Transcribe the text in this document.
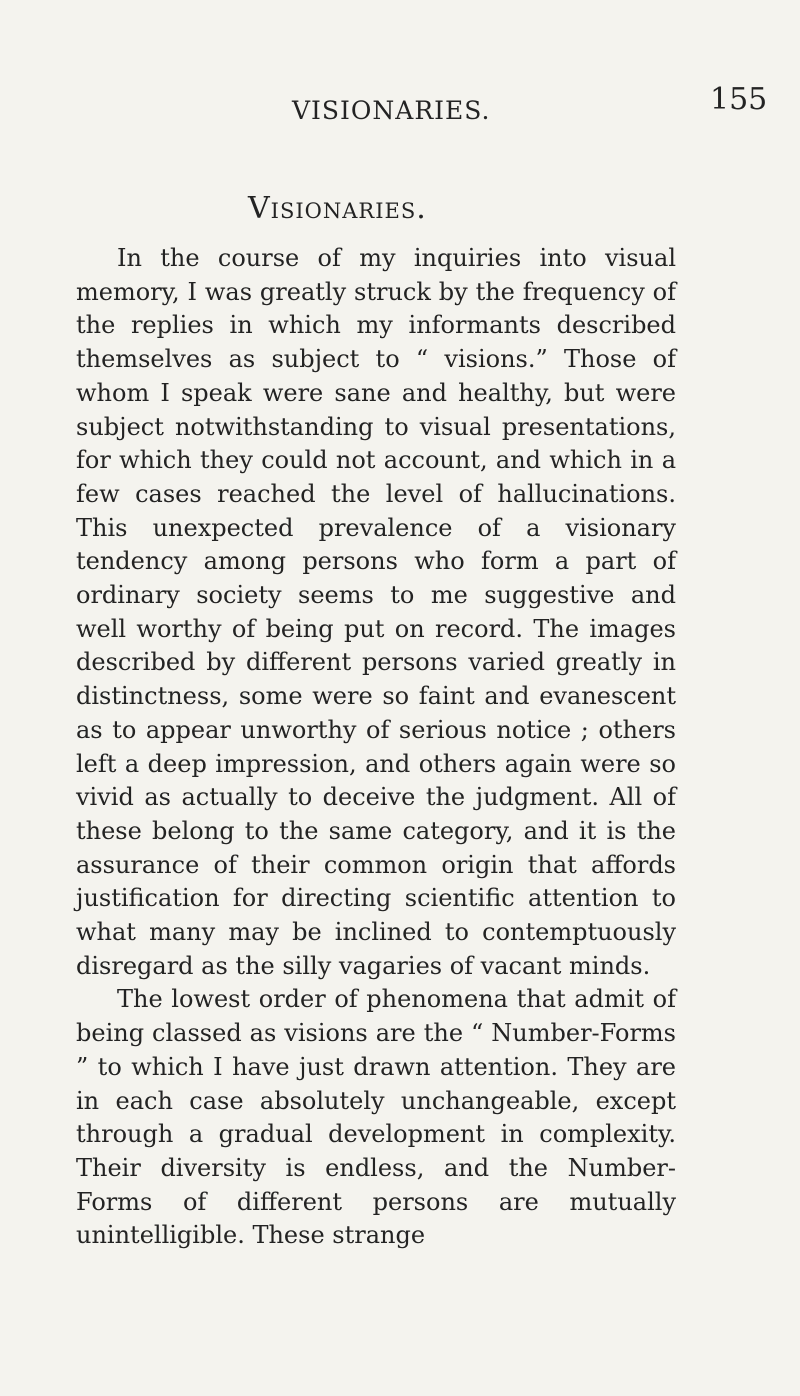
VISIONARIES.	155
Visionaries.

In the course of my inquiries into visual memory, I was greatly struck by the frequency of the replies in which my informants described themselves as subject to “ visions.” Those of whom I speak were sane and healthy, but were subject notwithstanding to visual presentations, for which they could not account, and which in a few cases reached the level of hallucinations. This unexpected prevalence of a visionary tendency among persons who form a part of ordinary society seems to me suggestive and well worthy of being put on record. The images described by different persons varied greatly in distinctness, some were so faint and evanescent as to appear unworthy of serious notice ; others left a deep impression, and others again were so vivid as actually to deceive the judgment. All of these belong to the same category, and it is the assurance of their common origin that affords justification for directing scientific attention to what many may be inclined to contemptuously disregard as the silly vagaries of vacant minds.

The lowest order of phenomena that admit of being classed as visions are the “ Number-Forms ” to which I have just drawn attention. They are in each case absolutely unchangeable, except through a gradual development in complexity. Their diversity is endless, and the Number-Forms of different persons are mutually unintelligible. These strange
